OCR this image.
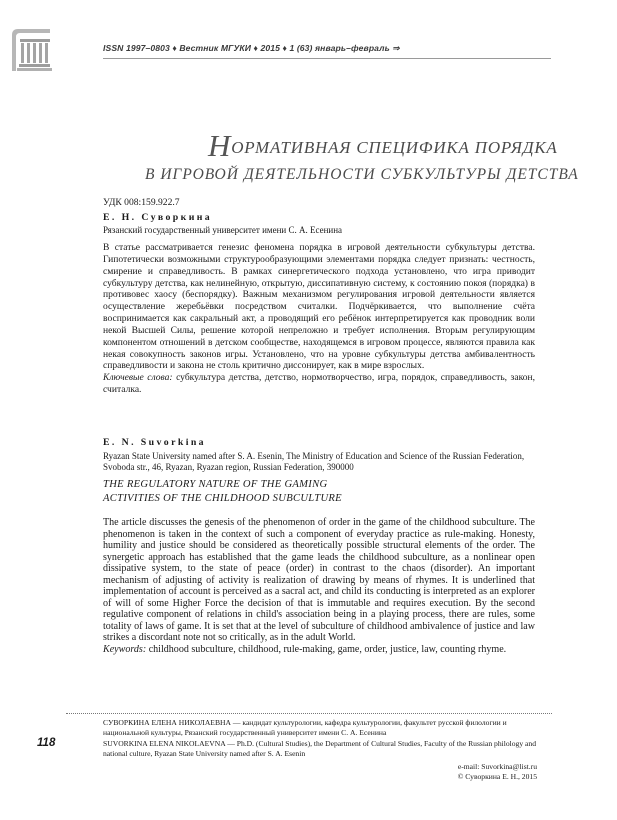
ISSN 1997–0803 ♦ Вестник МГУКИ ♦ 2015 ♦ 1 (63) январь–февраль ⇒
НОРМАТИВНАЯ СПЕЦИФИКА ПОРЯДКА
В ИГРОВОЙ ДЕЯТЕЛЬНОСТИ СУБКУЛЬТУРЫ ДЕТСТВА
УДК 008:159.922.7
Е. Н. Суворкина
Рязанский государственный университет имени С. А. Есенина
В статье рассматривается генезис феномена порядка в игровой деятельности субкультуры детства. Гипотетически возможными структурообразующими элементами порядка следует признать: честность, смирение и справедливость. В рамках синергетического подхода установлено, что игра приводит субкультуру детства, как нелинейную, открытую, диссипативную систему, к состоянию покоя (порядка) в противовес хаосу (беспорядку). Важным механизмом регулирования игровой деятельности является осуществление жеребьёвки посредством считалки. Подчёркивается, что выполнение счёта воспринимается как сакральный акт, а проводящий его ребёнок интерпретируется как проводник воли некой Высшей Силы, решение которой непреложно и требует исполнения. Вторым регулирующим компонентом отношений в детском сообществе, находящемся в игровом процессе, являются правила как некая совокупность законов игры. Установлено, что на уровне субкультуры детства амбивалентность справедливости и закона не столь критично диссонирует, как в мире взрослых.
Ключевые слова: субкультура детства, детство, нормотворчество, игра, порядок, справедливость, закон, считалка.
E. N. Suvorkina
Ryazan State University named after S. A. Esenin, The Ministry of Education and Science of the Russian Federation, Svoboda str., 46, Ryazan, Ryazan region, Russian Federation, 390000
THE REGULATORY NATURE OF THE GAMING
ACTIVITIES OF THE CHILDHOOD SUBCULTURE
The article discusses the genesis of the phenomenon of order in the game of the childhood subculture. The phenomenon is taken in the context of such a component of everyday practice as rule-making. Honesty, humility and justice should be considered as theoretically possible structural elements of the order. The synergetic approach has established that the game leads the childhood subculture, as a nonlinear open dissipative system, to the state of peace (order) in contrast to the chaos (disorder). An important mechanism of adjusting of activity is realization of drawing by means of rhymes. It is underlined that implementation of account is perceived as a sacral act, and child its conducting is interpreted as an explorer of will of some Higher Force the decision of that is immutable and requires execution. By the second regulative component of relations in child's association being in a playing process, there are rules, some totality of laws of game. It is set that at the level of subculture of childhood ambivalence of justice and law strikes a discordant note not so critically, as in the adult World.
Keywords: childhood subculture, childhood, rule-making, game, order, justice, law, counting rhyme.
СУВОРКИНА ЕЛЕНА НИКОЛАЕВНА — кандидат культурологии, кафедра культурологии, факультет русской филологии и национальной культуры, Рязанский государственный университет имени С. А. Есенина
SUVORKINA ELENA NIKOLAEVNA — Ph.D. (Cultural Studies), the Department of Cultural Studies, Faculty of the Russian philology and national culture, Ryazan State University named after S. A. Esenin
118
e-mail: Suvorkina@list.ru
© Суворкина Е. Н., 2015
